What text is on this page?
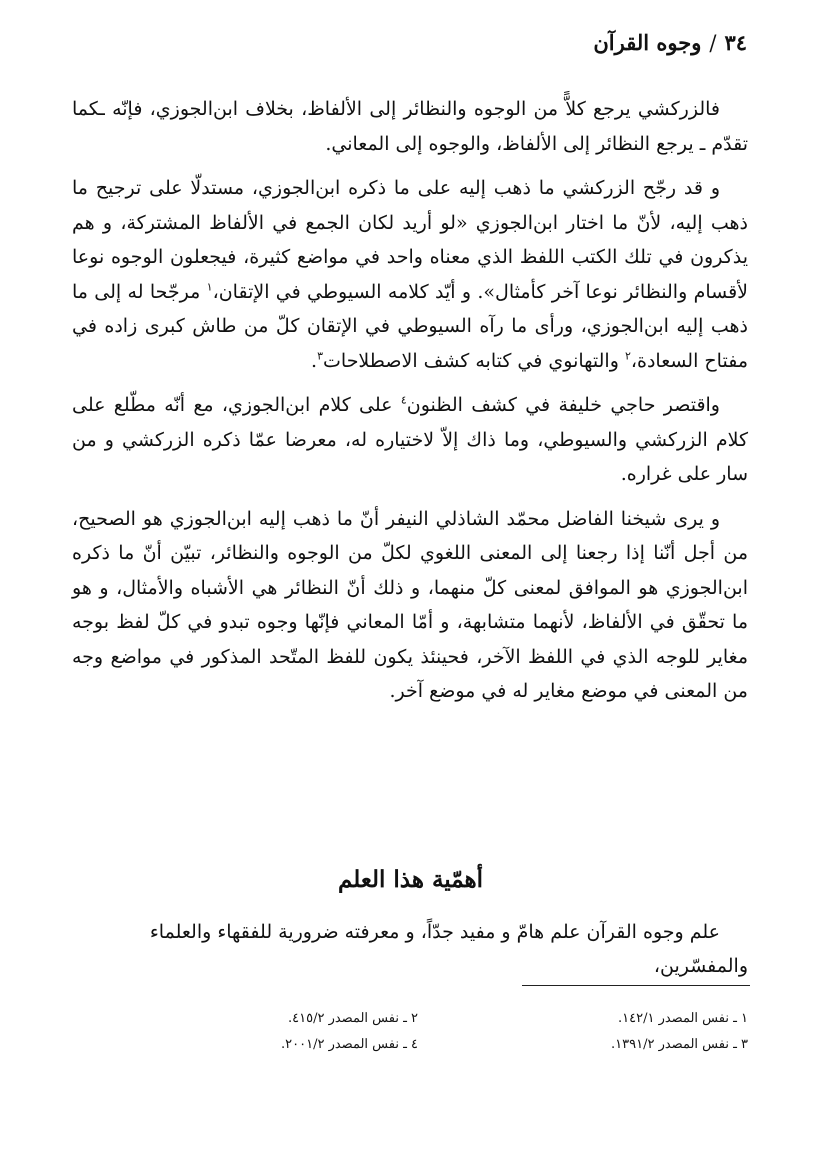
٣٤/وجوه القرآن

فالزركشي يرجع كلاًّ من الوجوه والنظائر إلى الألفاظ، بخلاف ابن‌الجوزي، فإنّه ـكما تقدّم ـ يرجع النظائر إلى الألفاظ، والوجوه إلى المعاني.

و قد رجّح الزركشي ما ذهب إليه على ما ذكره ابن‌الجوزي، مستدلّا على ترجيح ما ذهب إليه، لأنّ ما اختار ابن‌الجوزي «لو أريد لكان الجمع في الألفاظ المشتركة، و هم يذكرون في تلك الكتب اللفظ الذي معناه واحد في مواضع كثيرة، فيجعلون الوجوه نوعا لأقسام والنظائر نوعا آخر كأمثال». و أيّد كلامه السيوطي في الإتقان،$^١$ مرجّحا له إلى ما ذهب إليه ابن‌الجوزي، ورأى ما رآه السيوطي في الإتقان كلّ من طاش كبرى زاده في مفتاح السعادة،$^٢$ والتهانوي في كتابه كشف الاصطلاحات$^٣$.

واقتصر حاجي خليفة في كشف الظنون$^٤$ على كلام ابن‌الجوزي، مع أنّه مطّلع على كلام الزركشي والسيوطي، وما ذاك إلاّ لاختياره له، معرضا عمّا ذكره الزركشي و من سار على غراره.

و يرى شيخنا الفاضل محمّد الشاذلي النيفر أنّ ما ذهب إليه ابن‌الجوزي هو الصحيح، من أجل أنّنا إذا رجعنا إلى المعنى اللغوي لكلّ من الوجوه والنظائر، تبيّن أنّ ما ذكره ابن‌الجوزي هو الموافق لمعنى كلّ منهما، و ذلك أنّ النظائر هي الأشباه والأمثال، و هو ما تحقّق في الألفاظ، لأنهما متشابهة، و أمّا المعاني فإنّها وجوه تبدو في كلّ لفظ بوجه مغاير للوجه الذي في اللفظ الآخر، فحينئذ يكون للفظ المتّحد المذكور في مواضع وجه من المعنى في موضع مغاير له في موضع آخر.

أهمّية هذا العلم
علم وجوه القرآن علم هامّ و مفيد جدّاً، و معرفته ضرورية للفقهاء والعلماء والمفسّرين،
١ ـ نفس المصدر ١٤٢/١.
٢ ـ نفس المصدر ٤١٥/٢.
٣ ـ نفس المصدر ١٣٩١/٢.
٤ ـ نفس المصدر ٢٠٠١/٢.
